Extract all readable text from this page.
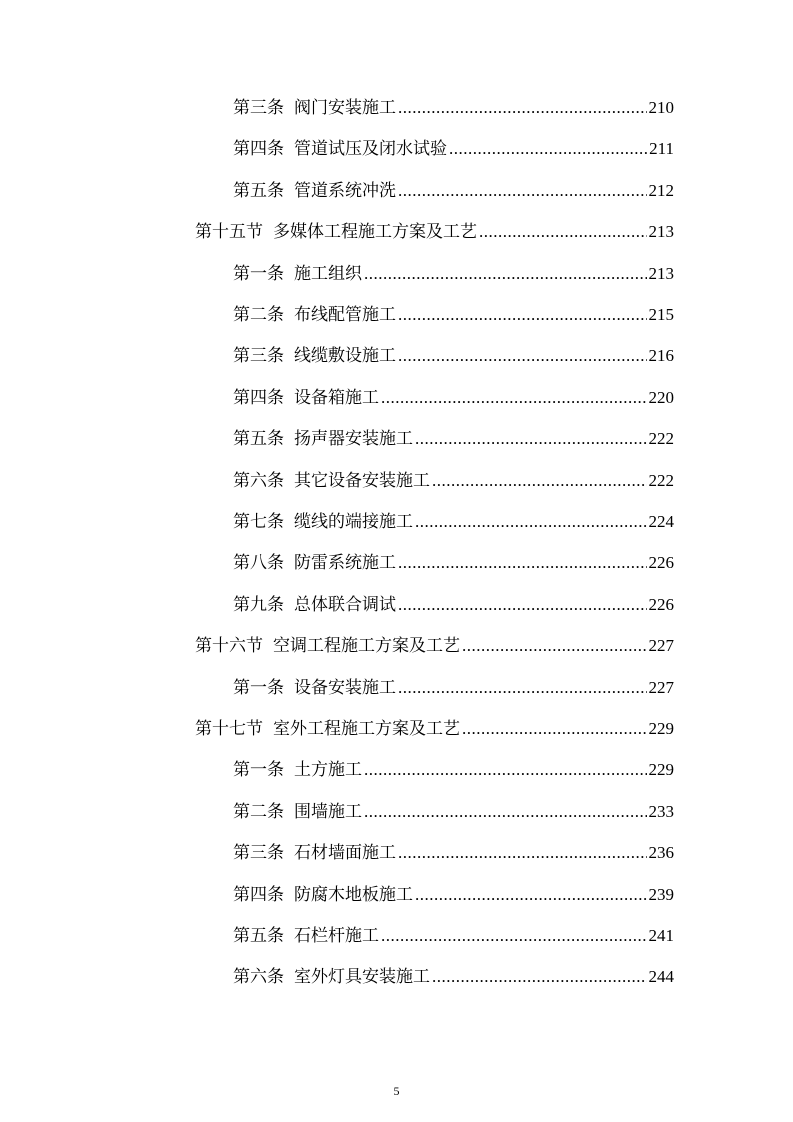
第三条 阀门安装施工 .....	210
第四条 管道试压及闭水试验 .....	211
第五条 管道系统冲洗 .....	212
第十五节 多媒体工程施工方案及工艺 .....	213
第一条 施工组织 .....	213
第二条 布线配管施工 .....	215
第三条 线缆敷设施工 .....	216
第四条 设备箱施工 .....	220
第五条 扬声器安装施工 .....	222
第六条 其它设备安装施工 .....	222
第七条 缆线的端接施工 .....	224
第八条 防雷系统施工 .....	226
第九条 总体联合调试 .....	226
第十六节 空调工程施工方案及工艺 .....	227
第一条 设备安装施工 .....	227
第十七节 室外工程施工方案及工艺 .....	229
第一条 土方施工 .....	229
第二条 围墙施工 .....	233
第三条 石材墙面施工 .....	236
第四条 防腐木地板施工 .....	239
第五条 石栏杆施工 .....	241
第六条 室外灯具安装施工 .....	244
5
